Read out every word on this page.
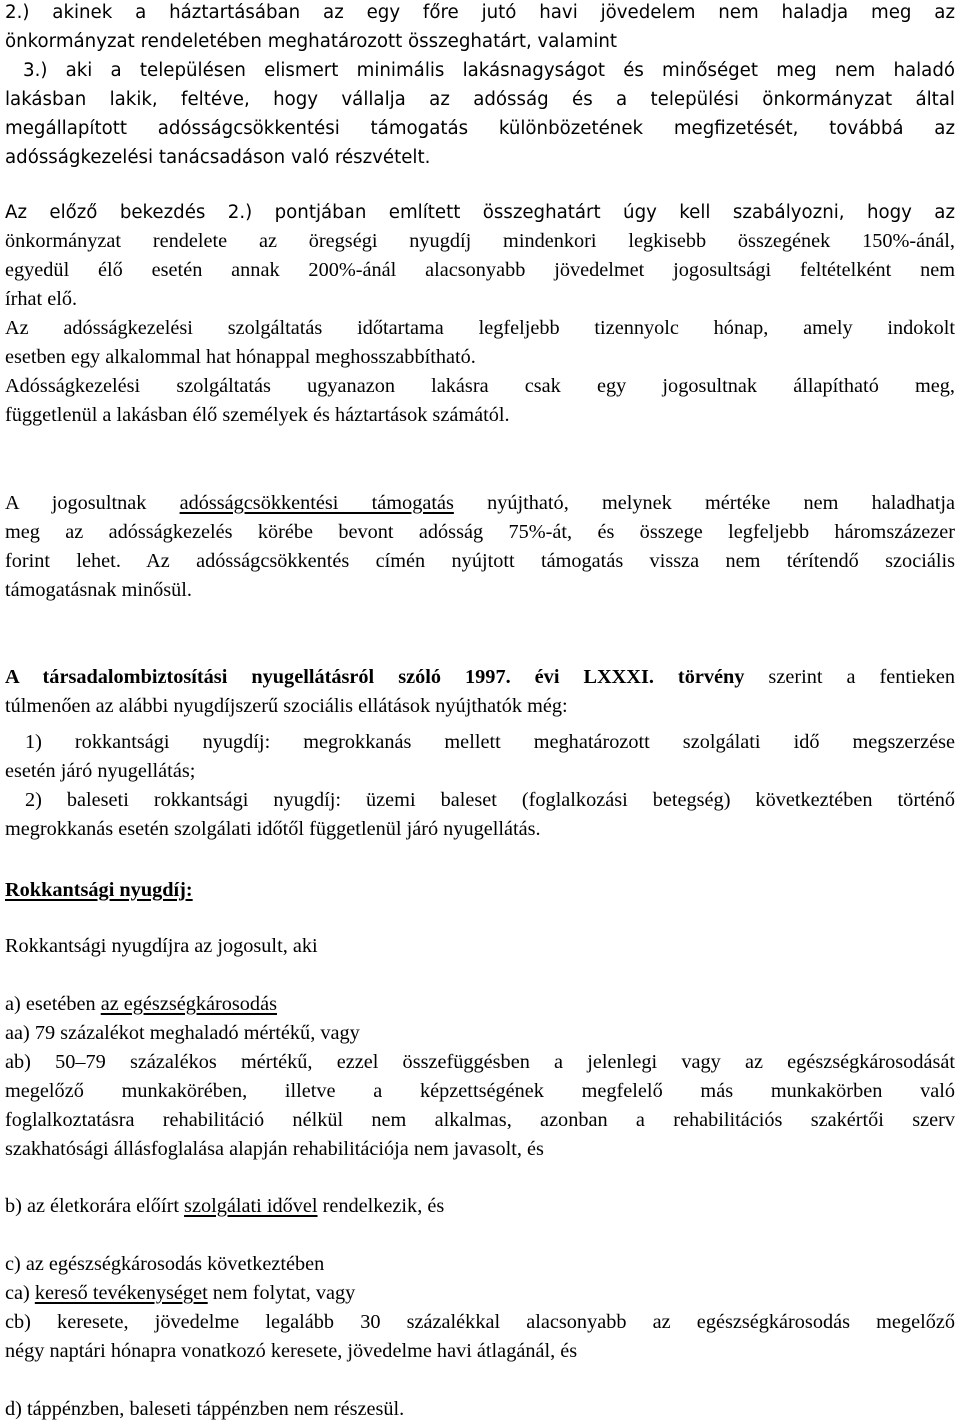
2.) akinek a háztartásában az egy főre jutó havi jövedelem nem haladja meg az
önkormányzat rendeletében meghatározott összeghatárt, valamint
3.) aki a településen elismert minimális lakásnagyságot és minőséget meg nem haladó
lakásban lakik, feltéve, hogy vállalja az adósság és a települési önkormányzat által
megállapított adósságcsökkentési támogatás különbözetének megfizetését, továbbá az
adósságkezelési tanácsadáson való részvételt.
Az előző bekezdés 2.) pontjában említett összeghatárt úgy kell szabályozni, hogy az
önkormányzat rendelete az öregségi nyugdíj mindenkori legkisebb összegének 150%-ánál,
egyedül élő esetén annak 200%-ánál alacsonyabb jövedelmet jogosultsági feltételként nem
írhat elő.
Az adósságkezelési szolgáltatás időtartama legfeljebb tizennyolc hónap, amely indokolt
esetben egy alkalommal hat hónappal meghosszabbítható.
Adósságkezelési szolgáltatás ugyanazon lakásra csak egy jogosultnak állapítható meg,
függetlenül a lakásban élő személyek és háztartások számától.
A jogosultnak adósságcsökkentési támogatás nyújtható, melynek mértéke nem haladhatja
meg az adósságkezelés körébe bevont adósság 75%-át, és összege legfeljebb háromszázezer
forint lehet. Az adósságcsökkentés címén nyújtott támogatás vissza nem térítendő szociális
támogatásnak minősül.
A társadalombiztosítási nyugellátásról szóló 1997. évi LXXXI. törvény szerint a fentieken
túlmenően az alábbi nyugdíjszerű szociális ellátások nyújthatók még:
1) rokkantsági nyugdíj: megrokkanás mellett meghatározott szolgálati idő megszerzése
esetén járó nyugellátás;
2) baleseti rokkantsági nyugdíj: üzemi baleset (foglalkozási betegség) következtében történő
megrokkanás esetén szolgálati időtől függetlenül járó nyugellátás.
Rokkantsági nyugdíj:
Rokkantsági nyugdíjra az jogosult, aki
a) esetében az egészségkárosodás
aa) 79 százalékot meghaladó mértékű, vagy
ab) 50–79 százalékos mértékű, ezzel összefüggésben a jelenlegi vagy az egészségkárosodását
megelőző munkakörében, illetve a képzettségének megfelelő más munkakörben való
foglalkoztatásra rehabilitáció nélkül nem alkalmas, azonban a rehabilitációs szakértői szerv
szakhatósági állásfoglalása alapján rehabilitációja nem javasolt, és
b) az életkorára előírt szolgálati idővel rendelkezik, és
c) az egészségkárosodás következtében
ca) kereső tevékenységet nem folytat, vagy
cb) keresete, jövedelme legalább 30 százalékkal alacsonyabb az egészségkárosodás megelőző
négy naptári hónapra vonatkozó keresete, jövedelme havi átlagánál, és
d) táppénzben, baleseti táppénzben nem részesül.
